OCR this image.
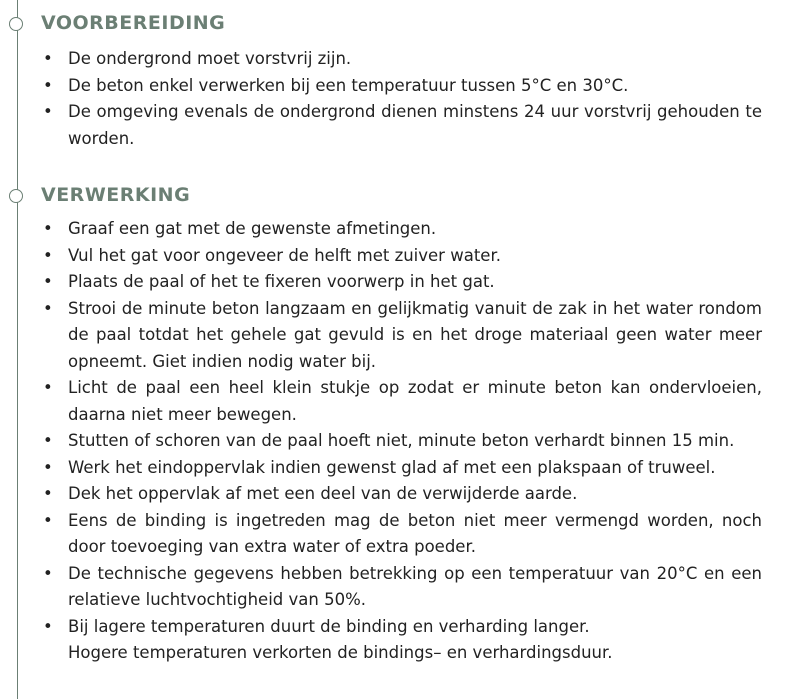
VOORBEREIDING
• De ondergrond moet vorstvrij zijn.
• De beton enkel verwerken bij een temperatuur tussen 5°C en 30°C.
• De omgeving evenals de ondergrond dienen minstens 24 uur vorstvrij gehouden te worden.
VERWERKING
• Graaf een gat met de gewenste afmetingen.
• Vul het gat voor ongeveer de helft met zuiver water.
• Plaats de paal of het te fixeren voorwerp in het gat.
• Strooi de minute beton langzaam en gelijkmatig vanuit de zak in het water rondom de paal totdat het gehele gat gevuld is en het droge materiaal geen water meer opneemt. Giet indien nodig water bij.
• Licht de paal een heel klein stukje op zodat er minute beton kan ondervloeien, daarna niet meer bewegen.
• Stutten of schoren van de paal hoeft niet, minute beton verhardt binnen 15 min.
• Werk het eindoppervlak indien gewenst glad af met een plakspaan of truweel.
• Dek het oppervlak af met een deel van de verwijderde aarde.
• Eens de binding is ingetreden mag de beton niet meer vermengd worden, noch door toevoeging van extra water of extra poeder.
• De technische gegevens hebben betrekking op een temperatuur van 20°C en een relatieve luchtvochtigheid van 50%.
• Bij lagere temperaturen duurt de binding en verharding langer.
Hogere temperaturen verkorten de bindings– en verhardingsduur.
